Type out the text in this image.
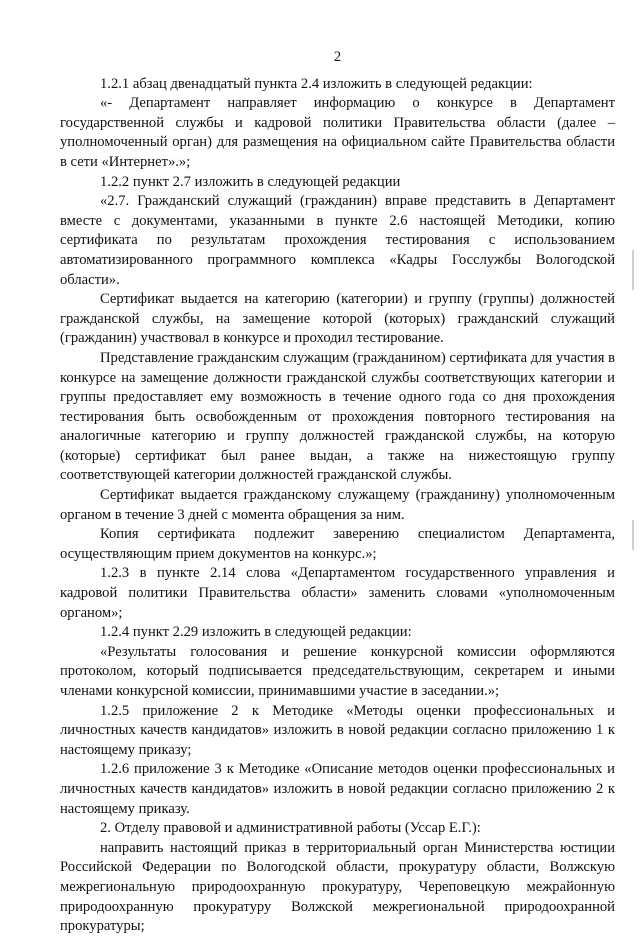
2

1.2.1 абзац двенадцатый пункта 2.4 изложить в следующей редакции:

«- Департамент направляет информацию о конкурсе в Департамент государственной службы и кадровой политики Правительства области (далее – уполномоченный орган) для размещения на официальном сайте Правительства области в сети «Интернет».»;

1.2.2 пункт 2.7 изложить в следующей редакции

«2.7. Гражданский служащий (гражданин) вправе представить в Департамент вместе с документами, указанными в пункте 2.6 настоящей Методики, копию сертификата по результатам прохождения тестирования с использованием автоматизированного программного комплекса «Кадры Госслужбы Вологодской области».

Сертификат выдается на категорию (категории) и группу (группы) должностей гражданской службы, на замещение которой (которых) гражданский служащий (гражданин) участвовал в конкурсе и проходил тестирование.

Представление гражданским служащим (гражданином) сертификата для участия в конкурсе на замещение должности гражданской службы соответствующих категории и группы предоставляет ему возможность в течение одного года со дня прохождения тестирования быть освобожденным от прохождения повторного тестирования на аналогичные категорию и группу должностей гражданской службы, на которую (которые) сертификат был ранее выдан, а также на нижестоящую группу соответствующей категории должностей гражданской службы.

Сертификат выдается гражданскому служащему (гражданину) уполномоченным органом в течение 3 дней с момента обращения за ним.

Копия сертификата подлежит заверению специалистом Департамента, осуществляющим прием документов на конкурс.»;

1.2.3 в пункте 2.14 слова «Департаментом государственного управления и кадровой политики Правительства области» заменить словами «уполномоченным органом»;

1.2.4 пункт 2.29 изложить в следующей редакции:

«Результаты голосования и решение конкурсной комиссии оформляются протоколом, который подписывается председательствующим, секретарем и иными членами конкурсной комиссии, принимавшими участие в заседании.»;

1.2.5 приложение 2 к Методике «Методы оценки профессиональных и личностных качеств кандидатов» изложить в новой редакции согласно приложению 1 к настоящему приказу;

1.2.6 приложение 3 к Методике «Описание методов оценки профессиональных и личностных качеств кандидатов» изложить в новой редакции согласно приложению 2 к настоящему приказу.

2. Отделу правовой и административной работы (Уссар Е.Г.):

направить настоящий приказ в территориальный орган Министерства юстиции Российской Федерации по Вологодской области, прокуратуру области, Волжскую межрегиональную природоохранную прокуратуру, Череповецкую межрайонную природоохранную прокуратуру Волжской межрегиональной природоохранной прокуратуры;
